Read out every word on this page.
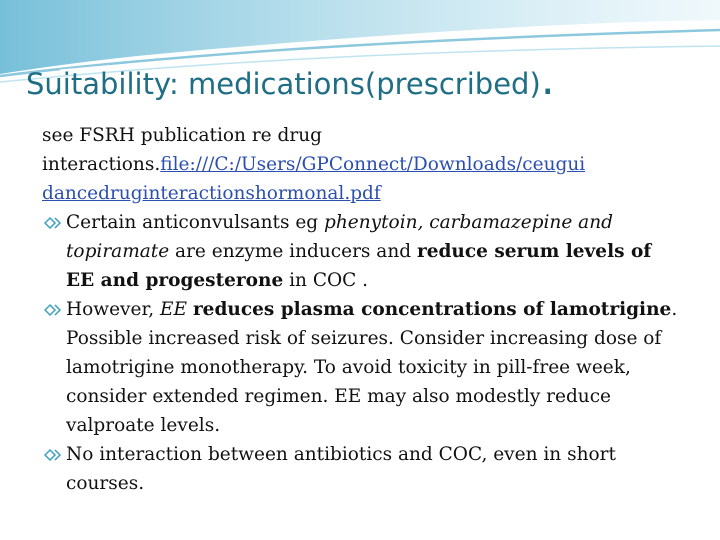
Suitability: medications(prescribed).

see FSRH publication re drug
interactions.file:///C:/Users/GPConnect/Downloads/ceugui
dancedruginteractionshormonal.pdf

Certain anticonvulsants eg phenytoin, carbamazepine and topiramate are enzyme inducers and reduce serum levels of EE and progesterone in COC .
However, EE reduces plasma concentrations of lamotrigine. Possible increased risk of seizures. Consider increasing dose of lamotrigine monotherapy. To avoid toxicity in pill-free week, consider extended regimen. EE may also modestly reduce valproate levels.
No interaction between antibiotics and COC, even in short courses.
